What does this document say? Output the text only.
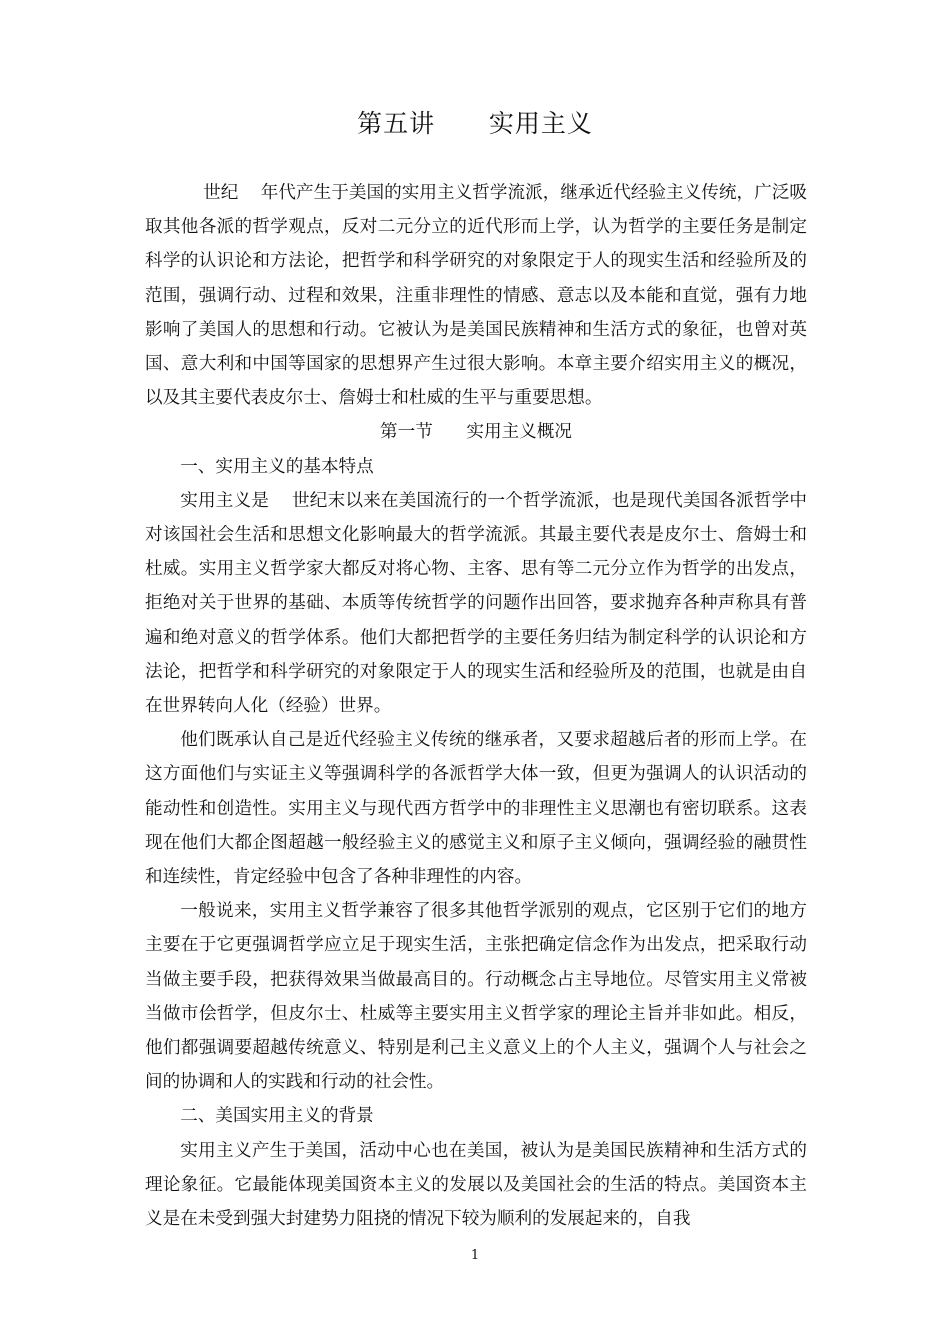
第五讲      实用主义

世纪    年代产生于美国的实用主义哲学流派，继承近代经验主义传统，广泛吸取其他各派的哲学观点，反对二元分立的近代形而上学，认为哲学的主要任务是制定科学的认识论和方法论，把哲学和科学研究的对象限定于人的现实生活和经验所及的范围，强调行动、过程和效果，注重非理性的情感、意志以及本能和直觉，强有力地影响了美国人的思想和行动。它被认为是美国民族精神和生活方式的象征，也曾对英国、意大利和中国等国家的思想界产生过很大影响。本章主要介绍实用主义的概况，以及其主要代表皮尔士、詹姆士和杜威的生平与重要思想。

第一节      实用主义概况
一、实用主义的基本特点

实用主义是    世纪末以来在美国流行的一个哲学流派，也是现代美国各派哲学中对该国社会生活和思想文化影响最大的哲学流派。其最主要代表是皮尔士、詹姆士和杜威。实用主义哲学家大都反对将心物、主客、思有等二元分立作为哲学的出发点，拒绝对关于世界的基础、本质等传统哲学的问题作出回答，要求抛弃各种声称具有普遍和绝对意义的哲学体系。他们大都把哲学的主要任务归结为制定科学的认识论和方法论，把哲学和科学研究的对象限定于人的现实生活和经验所及的范围，也就是由自在世界转向人化（经验）世界。

他们既承认自己是近代经验主义传统的继承者，又要求超越后者的形而上学。在这方面他们与实证主义等强调科学的各派哲学大体一致，但更为强调人的认识活动的能动性和创造性。实用主义与现代西方哲学中的非理性主义思潮也有密切联系。这表现在他们大都企图超越一般经验主义的感觉主义和原子主义倾向，强调经验的融贯性和连续性，肯定经验中包含了各种非理性的内容。

一般说来，实用主义哲学兼容了很多其他哲学派别的观点，它区别于它们的地方主要在于它更强调哲学应立足于现实生活，主张把确定信念作为出发点，把采取行动当做主要手段，把获得效果当做最高目的。行动概念占主导地位。尽管实用主义常被当做市侩哲学，但皮尔士、杜威等主要实用主义哲学家的理论主旨并非如此。相反，他们都强调要超越传统意义、特别是利己主义意义上的个人主义，强调个人与社会之间的协调和人的实践和行动的社会性。

二、美国实用主义的背景

实用主义产生于美国，活动中心也在美国，被认为是美国民族精神和生活方式的理论象征。它最能体现美国资本主义的发展以及美国社会的生活的特点。美国资本主义是在未受到强大封建势力阻挠的情况下较为顺利的发展起来的，自我

1
